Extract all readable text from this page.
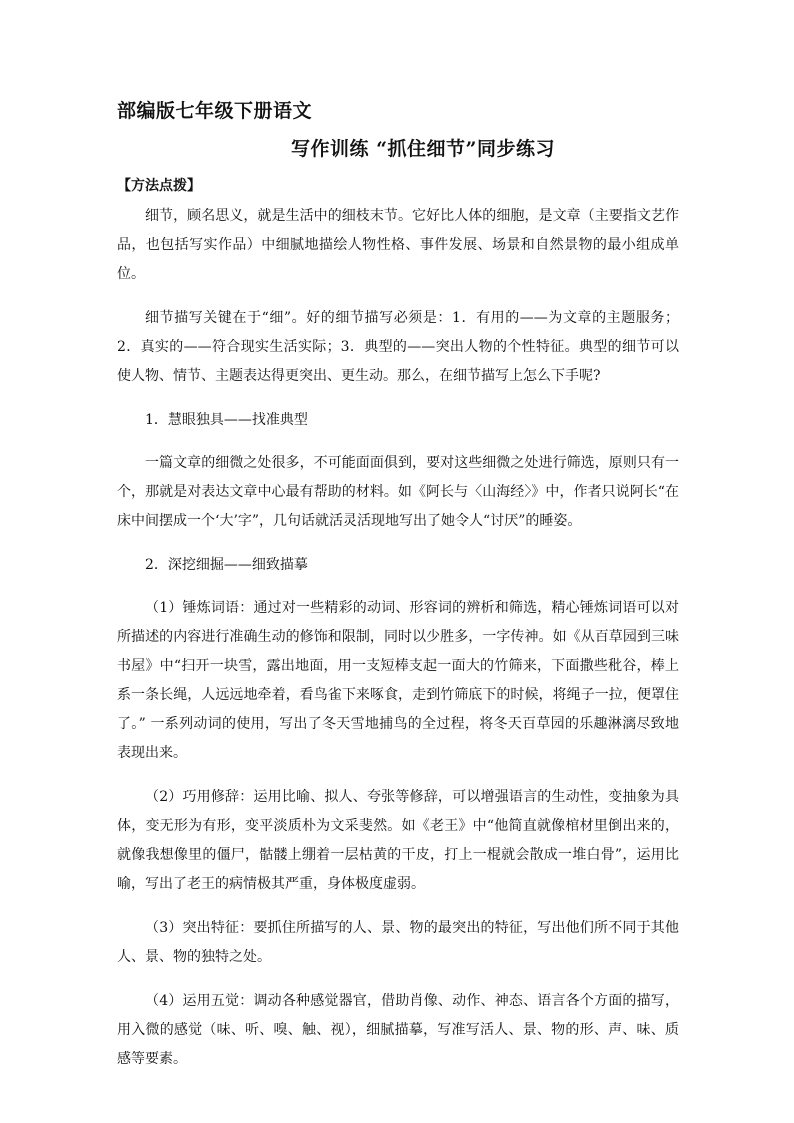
部编版七年级下册语文
写作训练 “抓住细节”同步练习
【方法点拨】

细节，顾名思义，就是生活中的细枝末节。它好比人体的细胞，是文章（主要指文艺作品，也包括写实作品）中细腻地描绘人物性格、事件发展、场景和自然景物的最小组成单位。

细节描写关键在于“细”。好的细节描写必须是：1．有用的——为文章的主题服务；2．真实的——符合现实生活实际；3．典型的——突出人物的个性特征。典型的细节可以使人物、情节、主题表达得更突出、更生动。那么，在细节描写上怎么下手呢?

1．慧眼独具——找准典型

一篇文章的细微之处很多，不可能面面俱到，要对这些细微之处进行筛选，原则只有一个，那就是对表达文章中心最有帮助的材料。如《阿长与〈山海经〉》中，作者只说阿长“在床中间摆成一个‘大’字”，几句话就活灵活现地写出了她令人“讨厌”的睡姿。

2．深挖细掘——细致描摹

（1）锤炼词语：通过对一些精彩的动词、形容词的辨析和筛选，精心锤炼词语可以对所描述的内容进行准确生动的修饰和限制，同时以少胜多，一字传神。如《从百草园到三味书屋》中“扫开一块雪，露出地面，用一支短棒支起一面大的竹筛来，下面撒些秕谷，棒上系一条长绳，人远远地牵着，看鸟雀下来啄食，走到竹筛底下的时候，将绳子一拉，便罩住了。” 一系列动词的使用，写出了冬天雪地捕鸟的全过程，将冬天百草园的乐趣淋漓尽致地表现出来。

（2）巧用修辞：运用比喻、拟人、夸张等修辞，可以增强语言的生动性，变抽象为具体，变无形为有形，变平淡质朴为文采斐然。如《老王》中“他简直就像棺材里倒出来的，就像我想像里的僵尸，骷髅上绷着一层枯黄的干皮，打上一棍就会散成一堆白骨”，运用比喻，写出了老王的病情极其严重，身体极度虚弱。

（3）突出特征：要抓住所描写的人、景、物的最突出的特征，写出他们所不同于其他人、景、物的独特之处。

（4）运用五觉：调动各种感觉器官，借助肖像、动作、神态、语言各个方面的描写，用入微的感觉（味、听、嗅、触、视），细腻描摹，写准写活人、景、物的形、声、味、质感等要素。
